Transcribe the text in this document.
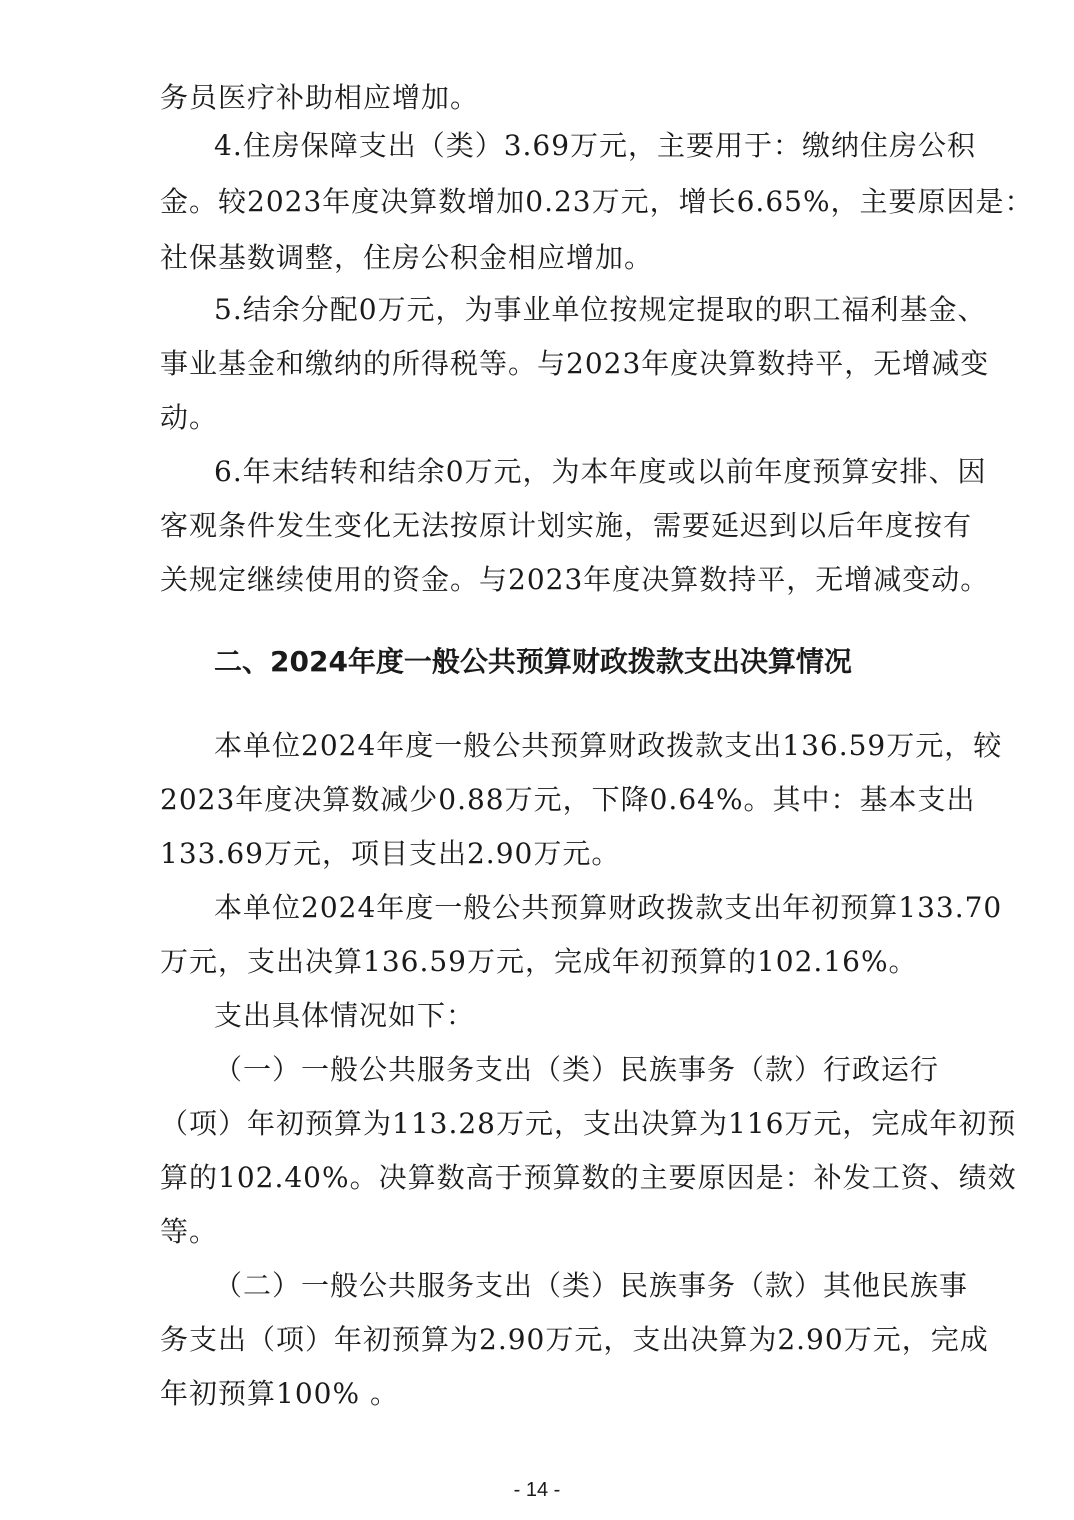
务员医疗补助相应增加。
4.住房保障支出（类）3.69万元，主要用于：缴纳住房公积
金。较2023年度决算数增加0.23万元，增长6.65%，主要原因是：
社保基数调整，住房公积金相应增加。
5.结余分配0万元，为事业单位按规定提取的职工福利基金、
事业基金和缴纳的所得税等。与2023年度决算数持平，无增减变
动。
6.年末结转和结余0万元，为本年度或以前年度预算安排、因
客观条件发生变化无法按原计划实施，需要延迟到以后年度按有
关规定继续使用的资金。与2023年度决算数持平，无增减变动。
二、2024年度一般公共预算财政拨款支出决算情况
本单位2024年度一般公共预算财政拨款支出136.59万元，较
2023年度决算数减少0.88万元，下降0.64%。其中：基本支出
133.69万元，项目支出2.90万元。
本单位2024年度一般公共预算财政拨款支出年初预算133.70
万元，支出决算136.59万元，完成年初预算的102.16%。
支出具体情况如下：
（一）一般公共服务支出（类）民族事务（款）行政运行
（项）年初预算为113.28万元，支出决算为116万元，完成年初预
算的102.40%。决算数高于预算数的主要原因是：补发工资、绩效
等。
（二）一般公共服务支出（类）民族事务（款）其他民族事
务支出（项）年初预算为2.90万元，支出决算为2.90万元，完成
年初预算100% 。
- 14 -
